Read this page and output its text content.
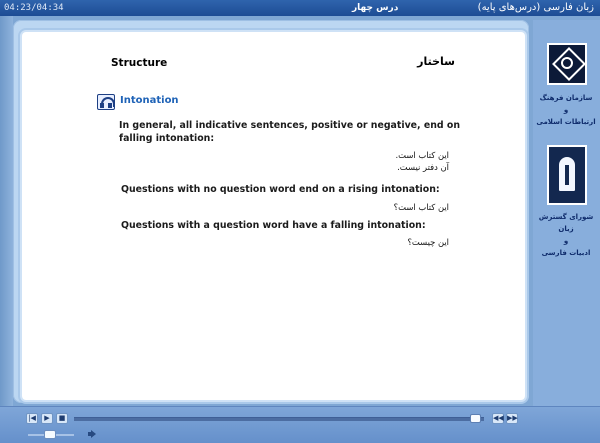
04:23/04:34	درس چهار	زبان فارسی (درس‌های پایه)
Structure	ساختار
Intonation
In general, all indicative sentences, positive or negative, end on falling intonation:
این کتاب است.
آن دفتر نیست.
Questions with no question word end on a rising intonation:
این کتاب است؟
Questions with a question word have a falling intonation:
این چیست؟
سازمان فرهنگ
و
ارتباطات اسلامی
شورای گسترش زبان
و
ادبیات فارسی
|◀	▶	■	◀◀ ▶▶
